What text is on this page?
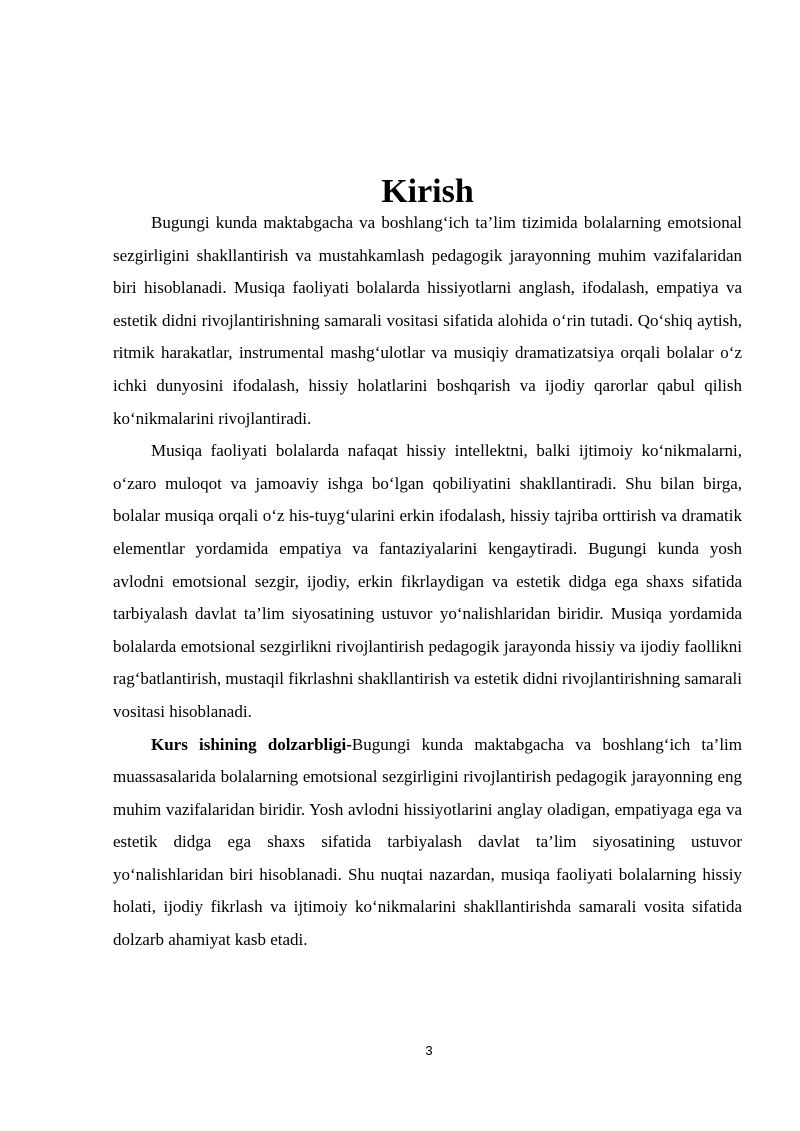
Kirish

Bugungi kunda maktabgacha va boshlang‘ich ta’lim tizimida bolalarning emotsional sezgirligini shakllantirish va mustahkamlash pedagogik jarayonning muhim vazifalaridan biri hisoblanadi. Musiqa faoliyati bolalarda hissiyotlarni anglash, ifodalash, empatiya va estetik didni rivojlantirishning samarali vositasi sifatida alohida o‘rin tutadi. Qo‘shiq aytish, ritmik harakatlar, instrumental mashg‘ulotlar va musiqiy dramatizatsiya orqali bolalar o‘z ichki dunyosini ifodalash, hissiy holatlarini boshqarish va ijodiy qarorlar qabul qilish ko‘nikmalarini rivojlantiradi.

Musiqa faoliyati bolalarda nafaqat hissiy intellektni, balki ijtimoiy ko‘nikmalarni, o‘zaro muloqot va jamoaviy ishga bo‘lgan qobiliyatini shakllantiradi. Shu bilan birga, bolalar musiqa orqali o‘z his-tuyg‘ularini erkin ifodalash, hissiy tajriba orttirish va dramatik elementlar yordamida empatiya va fantaziyalarini kengaytiradi. Bugungi kunda yosh avlodni emotsional sezgir, ijodiy, erkin fikrlaydigan va estetik didga ega shaxs sifatida tarbiyalash davlat ta’lim siyosatining ustuvor yo‘nalishlaridan biridir. Musiqa yordamida bolalarda emotsional sezgirlikni rivojlantirish pedagogik jarayonda hissiy va ijodiy faollikni rag‘batlantirish, mustaqil fikrlashni shakllantirish va estetik didni rivojlantirishning samarali vositasi hisoblanadi.

Kurs ishining dolzarbligi-Bugungi kunda maktabgacha va boshlang‘ich ta’lim muassasalarida bolalarning emotsional sezgirligini rivojlantirish pedagogik jarayonning eng muhim vazifalaridan biridir. Yosh avlodni hissiyotlarini anglay oladigan, empatiyaga ega va estetik didga ega shaxs sifatida tarbiyalash davlat ta’lim siyosatining ustuvor yo‘nalishlaridan biri hisoblanadi. Shu nuqtai nazardan, musiqa faoliyati bolalarning hissiy holati, ijodiy fikrlash va ijtimoiy ko‘nikmalarini shakllantirishda samarali vosita sifatida dolzarb ahamiyat kasb etadi.

3
